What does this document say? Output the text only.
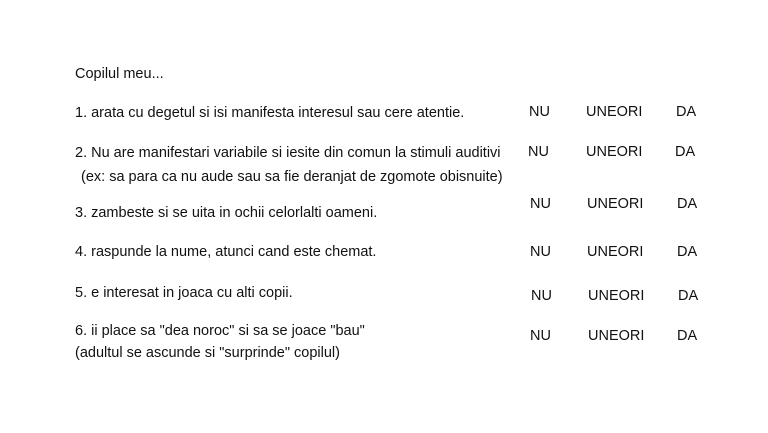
Copilul meu...
1. arata cu degetul si isi manifesta interesul sau cere atentie.	NU UNEORI DA
2. Nu are manifestari variabile si iesite din comun la stimuli auditivi
(ex: sa para ca nu aude sau sa fie deranjat de zgomote obisnuite)
NU	UNEORI DA
3. zambeste si se uita in ochii celorlalti oameni.
NU UNEORI DA
4. raspunde la nume, atunci cand este chemat.	NU UNEORI DA
5. e interesat in joaca cu alti copii.	NU UNEORI DA
6. ii place sa "dea noroc" si sa se joace "bau"
(adultul se ascunde si "surprinde" copilul)
NU	UNEORI DA
